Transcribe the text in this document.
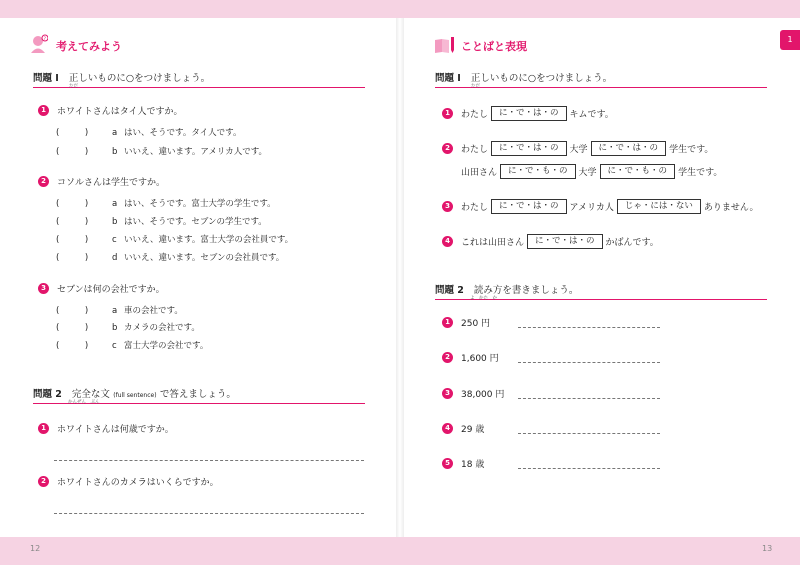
1
12	13
?
考えてみよう
問題 I 正しいものに○をつけましょう。
ただ
1	ホワイトさんはタイ人ですか。
(　　　)	a はい、そうです。タイ人です。
(　　　)	b いいえ、違います。アメリカ人です。
2	コソルさんは学生ですか。
(　　　)	a はい、そうです。富士大学の学生です。
(　　　)	b はい、そうです。セブンの学生です。
(　　　)	c いいえ、違います。富士大学の会社員です。
(　　　)	d いいえ、違います。セブンの会社員です。
3	セブンは何の会社ですか。
(　　　)	a 車の会社です。
(　　　)	b カメラの会社です。
(　　　)	c 富士大学の会社です。
問題 2 完全な文 (full sentence) で答えましょう。
かんぜん　ぶん
1	ホワイトさんは何歳ですか。
2	ホワイトさんのカメラはいくらですか。
ことばと表現
問題 I 正しいものに○をつけましょう。
ただ
1	わたし	に・で・は・の	キムです。
2	わたし	に・で・は・の	大学	に・で・は・の	学生です。
山田さん	に・で・も・の	大学	に・で・も・の	学生です。
3	わたし	に・で・は・の	アメリカ人	じゃ・には・ない	ありません。
4	これは山田さん	に・で・は・の	かばんです。
問題 2 読み方を書きましょう。
よ　かた　か
1	250 円
2	1,600 円
3	38,000 円
4	29 歳
5	18 歳
